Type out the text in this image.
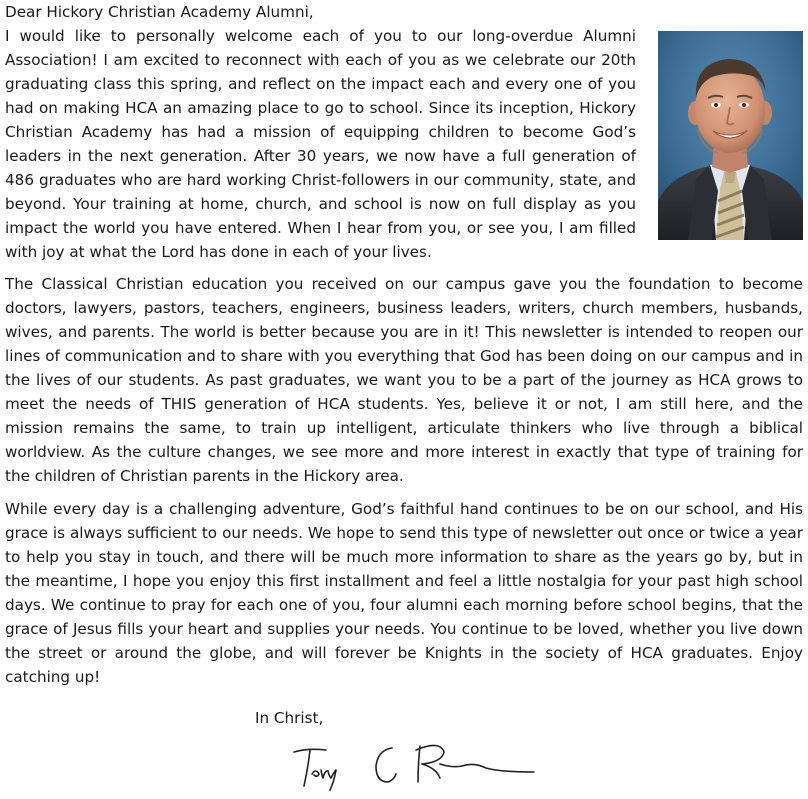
Dear Hickory Christian Academy Alumni,

I would like to personally welcome each of you to our long-overdue Alumni Association! I am excited to reconnect with each of you as we celebrate our 20th graduating class this spring, and reflect on the impact each and every one of you had on making HCA an amazing place to go to school. Since its inception, Hickory Christian Academy has had a mission of equipping children to become God’s leaders in the next generation. After 30 years, we now have a full generation of 486 graduates who are hard working Christ-followers in our community, state, and beyond. Your training at home, church, and school is now on full display as you impact the world you have entered. When I hear from you, or see you, I am filled with joy at what the Lord has done in each of your lives.

The Classical Christian education you received on our campus gave you the foundation to become doctors, lawyers, pastors, teachers, engineers, business leaders, writers, church members, husbands, wives, and parents. The world is better because you are in it! This newsletter is intended to reopen our lines of communication and to share with you everything that God has been doing on our campus and in the lives of our students. As past graduates, we want you to be a part of the journey as HCA grows to meet the needs of THIS generation of HCA students. Yes, believe it or not, I am still here, and the mission remains the same, to train up intelligent, articulate thinkers who live through a biblical worldview. As the culture changes, we see more and more interest in exactly that type of training for the children of Christian parents in the Hickory area.

While every day is a challenging adventure, God’s faithful hand continues to be on our school, and His grace is always sufficient to our needs. We hope to send this type of newsletter out once or twice a year to help you stay in touch, and there will be much more information to share as the years go by, but in the meantime, I hope you enjoy this first installment and feel a little nostalgia for your past high school days. We continue to pray for each one of you, four alumni each morning before school begins, that the grace of Jesus fills your heart and supplies your needs. You continue to be loved, whether you live down the street or around the globe, and will forever be Knights in the society of HCA graduates. Enjoy catching up!

In Christ,
